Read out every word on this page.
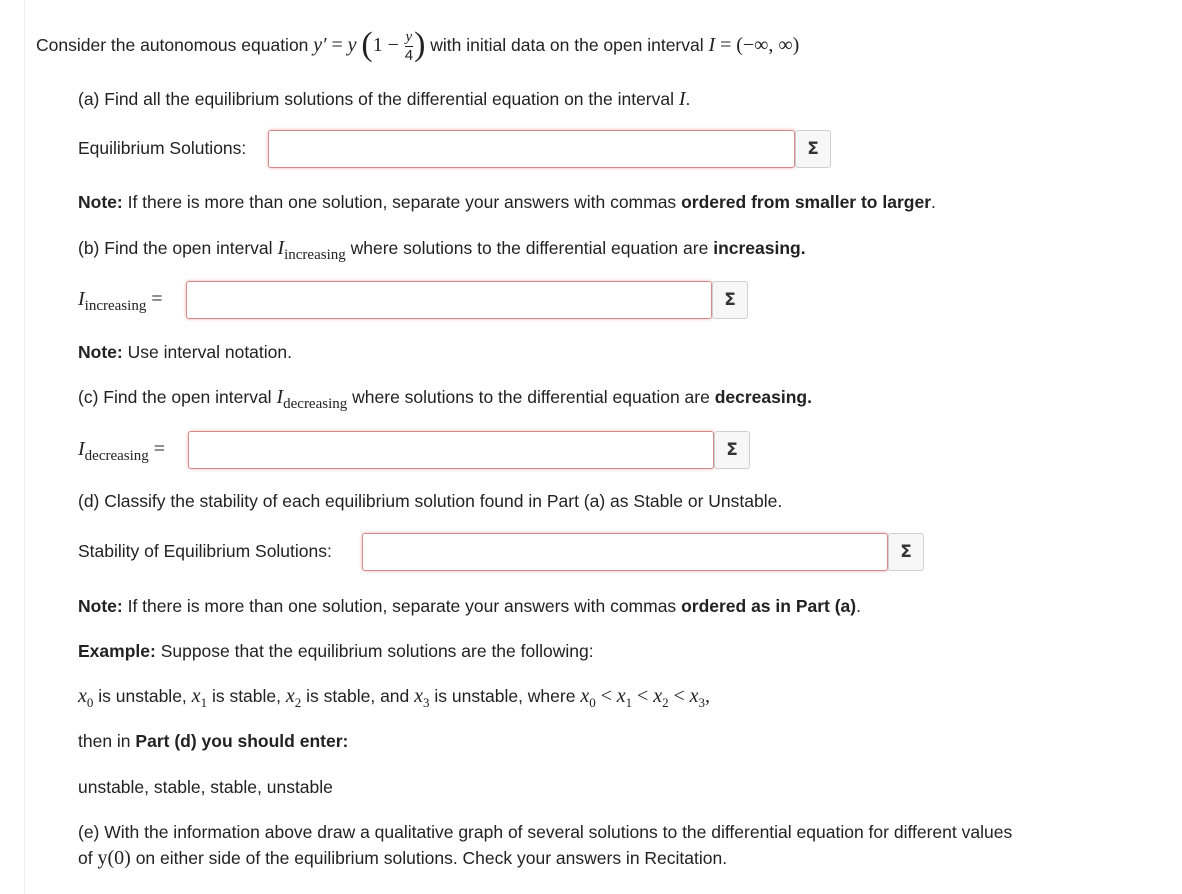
Consider the autonomous equation y′ = y ($1 - \frac{y}{4}$ ) with initial data on the open interval I = (−∞, ∞)
(a) Find all the equilibrium solutions of the differential equation on the interval I.
Equilibrium Solutions:	Σ
Note: If there is more than one solution, separate your answers with commas ordered from smaller to larger.
(b) Find the open interval Iincreasing where solutions to the differential equation are increasing.
Iincreasing =	Σ
Note: Use interval notation.
(c) Find the open interval Idecreasing where solutions to the differential equation are decreasing.
Idecreasing =	Σ
(d) Classify the stability of each equilibrium solution found in Part (a) as Stable or Unstable.
Stability of Equilibrium Solutions:	Σ
Note: If there is more than one solution, separate your answers with commas ordered as in Part (a).
Example: Suppose that the equilibrium solutions are the following:
$x_0$ is unstable, $x_1$ is stable, $x_2$ is stable, and $x_3$ is unstable, where $x_0 < x_1 < x_2 < x_3$,
then in Part (d) you should enter:
unstable, stable, stable, unstable
(e) With the information above draw a qualitative graph of several solutions to the differential equation for different values
of y(0) on either side of the equilibrium solutions. Check your answers in Recitation.
